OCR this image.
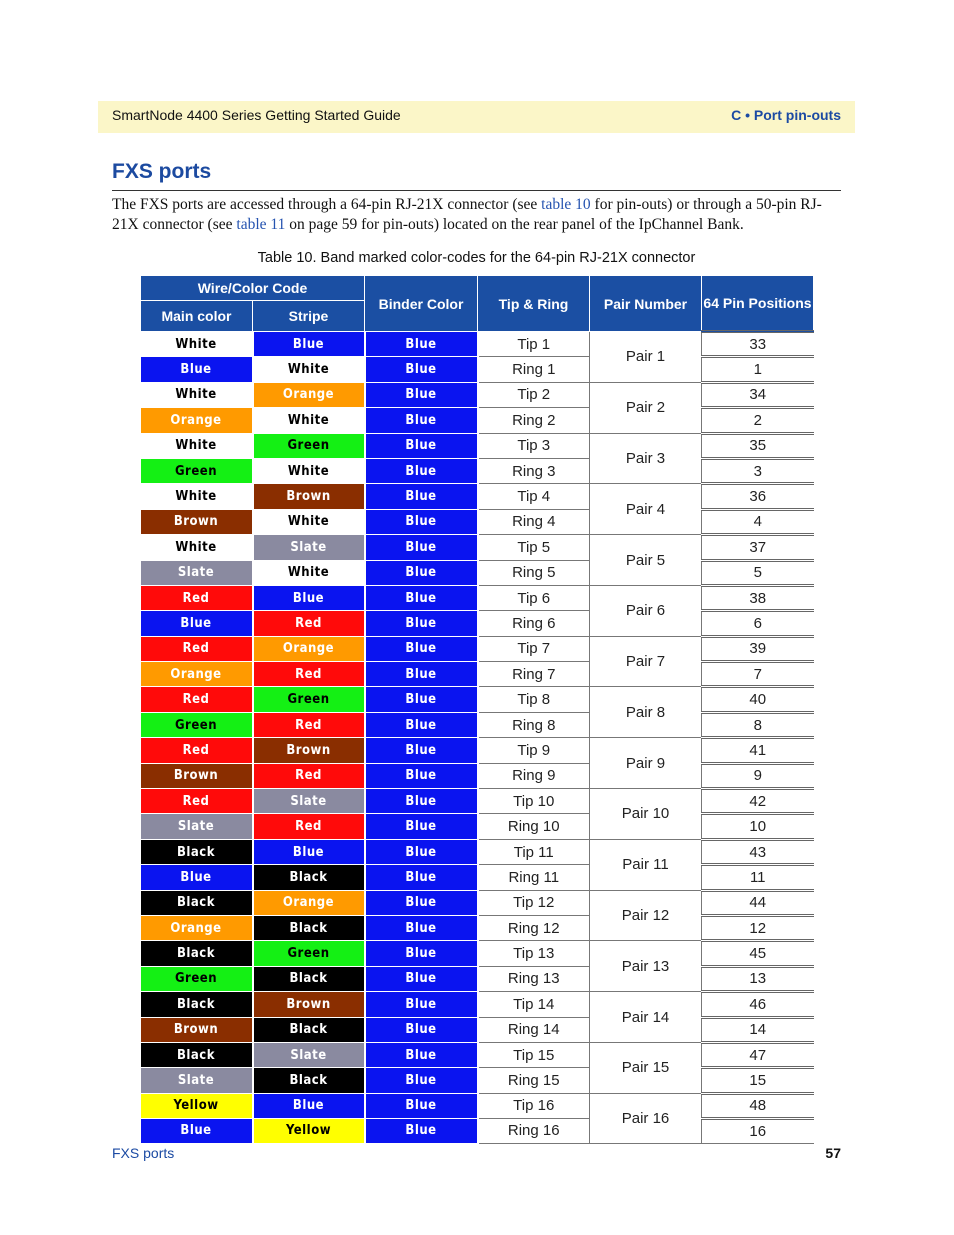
SmartNode 4400 Series Getting Started Guide	C • Port pin-outs
FXS ports
The FXS ports are accessed through a 64-pin RJ-21X connector (see table 10 for pin-outs) or through a 50-pin RJ-21X connector (see table 11 on page 59 for pin-outs) located on the rear panel of the IpChannel Bank.
Table 10. Band marked color-codes for the 64-pin RJ-21X connector
Wire/Color Code		Binder Color	Tip & Ring	Pair Number	64 Pin Positions
Main color	Stripe				
White	Blue	Blue	Tip 1	Pair 1	33
Blue	White	Blue	Ring 1		1
White	Orange	Blue	Tip 2	Pair 2	34
Orange	White	Blue	Ring 2		2
White	Green	Blue	Tip 3	Pair 3	35
Green	White	Blue	Ring 3		3
White	Brown	Blue	Tip 4	Pair 4	36
Brown	White	Blue	Ring 4		4
White	Slate	Blue	Tip 5	Pair 5	37
Slate	White	Blue	Ring 5		5
Red	Blue	Blue	Tip 6	Pair 6	38
Blue	Red	Blue	Ring 6		6
Red	Orange	Blue	Tip 7	Pair 7	39
Orange	Red	Blue	Ring 7		7
Red	Green	Blue	Tip 8	Pair 8	40
Green	Red	Blue	Ring 8		8
Red	Brown	Blue	Tip 9	Pair 9	41
Brown	Red	Blue	Ring 9		9
Red	Slate	Blue	Tip 10	Pair 10	42
Slate	Red	Blue	Ring 10		10
Black	Blue	Blue	Tip 11	Pair 11	43
Blue	Black	Blue	Ring 11		11
Black	Orange	Blue	Tip 12	Pair 12	44
Orange	Black	Blue	Ring 12		12
Black	Green	Blue	Tip 13	Pair 13	45
Green	Black	Blue	Ring 13		13
Black	Brown	Blue	Tip 14	Pair 14	46
Brown	Black	Blue	Ring 14		14
Black	Slate	Blue	Tip 15	Pair 15	47
Slate	Black	Blue	Ring 15		15
Yellow	Blue	Blue	Tip 16	Pair 16	48
Blue	Yellow	Blue	Ring 16		16
FXS ports	57
